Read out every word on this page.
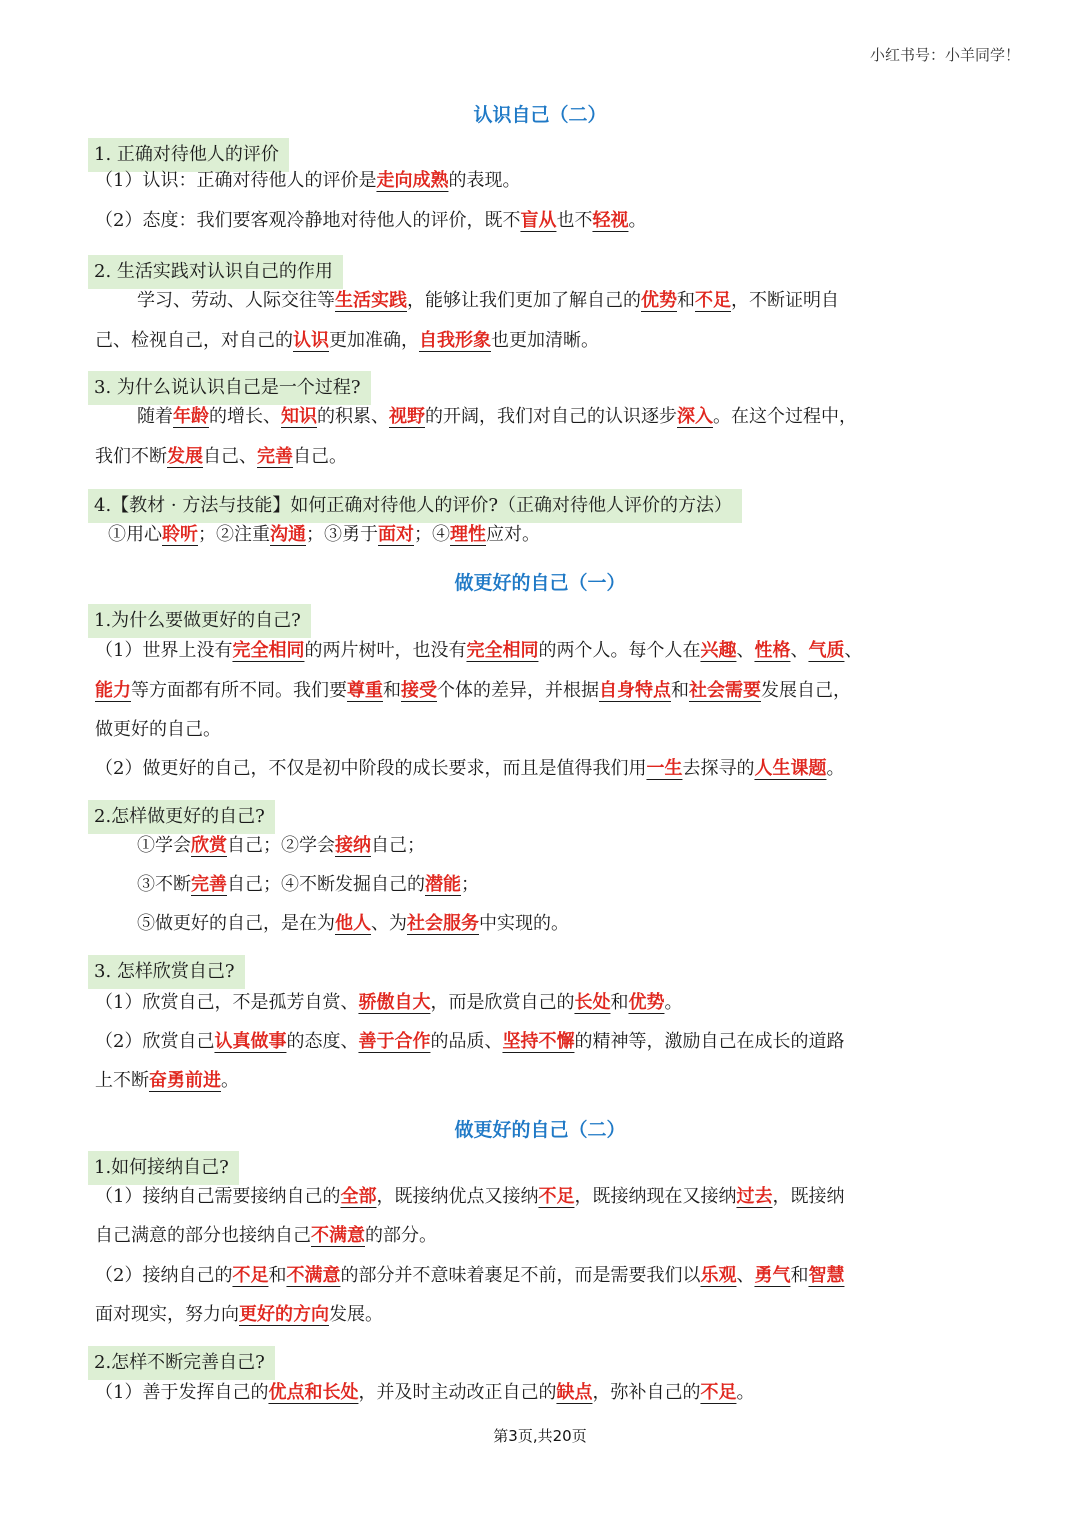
小红书号：小羊同学！
认识自己（二）
1. 正确对待他人的评价
（1）认识：正确对待他人的评价是走向成熟的表现。
（2）态度：我们要客观冷静地对待他人的评价，既不盲从也不轻视。
2. 生活实践对认识自己的作用
学习、劳动、人际交往等生活实践，能够让我们更加了解自己的优势和不足，不断证明自
己、检视自己，对自己的认识更加准确，自我形象也更加清晰。
3. 为什么说认识自己是一个过程?
随着年龄的增长、知识的积累、视野的开阔，我们对自己的认识逐步深入。在这个过程中，
我们不断发展自己、完善自己。
4.【教材 · 方法与技能】如何正确对待他人的评价?（正确对待他人评价的方法）
①用心聆听；②注重沟通；③勇于面对；④理性应对。
做更好的自己（一）
1.为什么要做更好的自己?
（1）世界上没有完全相同的两片树叶，也没有完全相同的两个人。每个人在兴趣、性格、气质、
能力等方面都有所不同。我们要尊重和接受个体的差异，并根据自身特点和社会需要发展自己，
做更好的自己。
（2）做更好的自己，不仅是初中阶段的成长要求，而且是值得我们用一生去探寻的人生课题。
2.怎样做更好的自己?
①学会欣赏自己；②学会接纳自己；
③不断完善自己；④不断发掘自己的潜能；
⑤做更好的自己，是在为他人、为社会服务中实现的。
3. 怎样欣赏自己?
（1）欣赏自己，不是孤芳自赏、骄傲自大，而是欣赏自己的长处和优势。
（2）欣赏自己认真做事的态度、善于合作的品质、坚持不懈的精神等，激励自己在成长的道路
上不断奋勇前进。
做更好的自己（二）
1.如何接纳自己?
（1）接纳自己需要接纳自己的全部，既接纳优点又接纳不足，既接纳现在又接纳过去，既接纳
自己满意的部分也接纳自己不满意的部分。
（2）接纳自己的不足和不满意的部分并不意味着裹足不前，而是需要我们以乐观、勇气和智慧
面对现实，努力向更好的方向发展。
2.怎样不断完善自己?
（1）善于发挥自己的优点和长处，并及时主动改正自己的缺点，弥补自己的不足。
第3页,共20页
